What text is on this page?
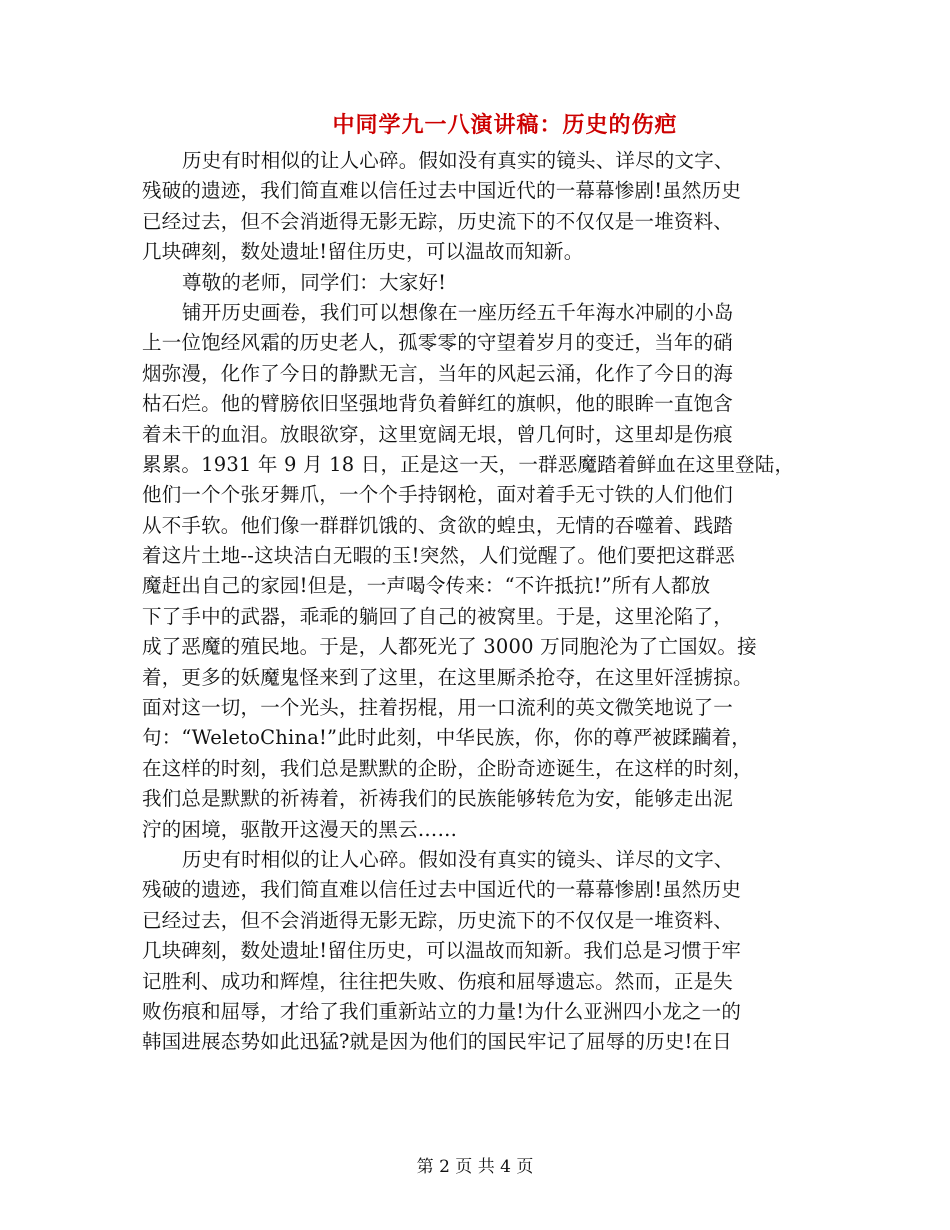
中同学九一八演讲稿：历史的伤疤
历史有时相似的让人心碎。假如没有真实的镜头、详尽的文字、
残破的遗迹，我们简直难以信任过去中国近代的一幕幕惨剧!虽然历史
已经过去，但不会消逝得无影无踪，历史流下的不仅仅是一堆资料、
几块碑刻，数处遗址!留住历史，可以温故而知新。
尊敬的老师，同学们：大家好!
铺开历史画卷，我们可以想像在一座历经五千年海水冲刷的小岛
上一位饱经风霜的历史老人，孤零零的守望着岁月的变迁，当年的硝
烟弥漫，化作了今日的静默无言，当年的风起云涌，化作了今日的海
枯石烂。他的臂膀依旧坚强地背负着鲜红的旗帜，他的眼眸一直饱含
着未干的血泪。放眼欲穿，这里宽阔无垠，曾几何时，这里却是伤痕
累累。1931 年 9 月 18 日，正是这一天，一群恶魔踏着鲜血在这里登陆，
他们一个个张牙舞爪，一个个手持钢枪，面对着手无寸铁的人们他们
从不手软。他们像一群群饥饿的、贪欲的蝗虫，无情的吞噬着、践踏
着这片土地--这块洁白无暇的玉!突然，人们觉醒了。他们要把这群恶
魔赶出自己的家园!但是，一声喝令传来：“不许抵抗!”所有人都放
下了手中的武器，乖乖的躺回了自己的被窝里。于是，这里沦陷了，
成了恶魔的殖民地。于是，人都死光了 3000 万同胞沦为了亡国奴。接
着，更多的妖魔鬼怪来到了这里，在这里厮杀抢夺，在这里奸淫掳掠。
面对这一切，一个光头，拄着拐棍，用一口流利的英文微笑地说了一
句：“WeletoChina!”此时此刻，中华民族，你，你的尊严被蹂躏着，
在这样的时刻，我们总是默默的企盼，企盼奇迹诞生，在这样的时刻，
我们总是默默的祈祷着，祈祷我们的民族能够转危为安，能够走出泥
泞的困境，驱散开这漫天的黑云……
历史有时相似的让人心碎。假如没有真实的镜头、详尽的文字、
残破的遗迹，我们简直难以信任过去中国近代的一幕幕惨剧!虽然历史
已经过去，但不会消逝得无影无踪，历史流下的不仅仅是一堆资料、
几块碑刻，数处遗址!留住历史，可以温故而知新。我们总是习惯于牢
记胜利、成功和辉煌，往往把失败、伤痕和屈辱遗忘。然而，正是失
败伤痕和屈辱，才给了我们重新站立的力量!为什么亚洲四小龙之一的
韩国进展态势如此迅猛?就是因为他们的国民牢记了屈辱的历史!在日
第 2 页 共 4 页
